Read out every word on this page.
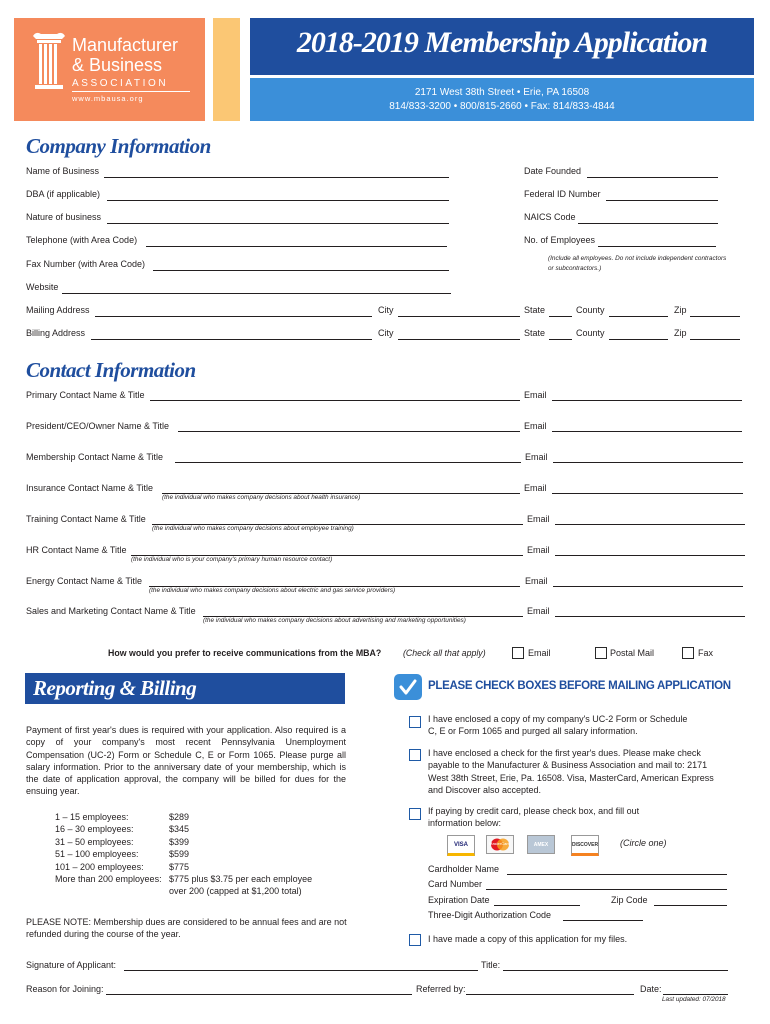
Manufacturer
& Business
ASSOCIATION
www.mbausa.org
2018-2019 Membership Application
2171 West 38th Street • Erie, PA 16508
814/833-3200 • 800/815-2660 • Fax: 814/833-4844
Company Information
Name of Business	Date Founded
DBA (if applicable)	Federal ID Number
Nature of business	NAICS Code
Telephone (with Area Code)	No. of Employees
(Include all employees. Do not include independent contractors or subcontractors.)
Fax Number (with Area Code)
Website
Mailing Address	City	State	County	Zip
Billing Address	City	State	County	Zip
Contact Information
Primary Contact Name & Title	Email
President/CEO/Owner Name & Title	Email
Membership Contact Name & Title	Email
Insurance Contact Name & Title	Email
(the individual who makes company decisions about health insurance)
Training Contact Name & Title	Email
(the individual who makes company decisions about employee training)
HR Contact Name & Title	Email
(the individual who is your company's primary human resource contact)
Energy Contact Name & Title	Email
(the individual who makes company decisions about electric and gas service providers)
Sales and Marketing Contact Name & Title	Email
(the individual who makes company decisions about advertising and marketing opportunities)
How would you prefer to receive communications from the MBA? (Check all that apply)	Email	Postal Mail	Fax
Reporting & Billing
Payment of first year's dues is required with your application. Also required is a copy of your company's most recent Pennsylvania Unemployment Compensation (UC-2) Form or Schedule C, E or Form 1065. Please purge all salary information. Prior to the anniversary date of your membership, which is the date of application approval, the company will be billed for dues for the ensuing year.
1 – 15 employees:	$289
16 – 30 employees:	$345
31 – 50 employees:	$399
51 – 100 employees:	$599
101 – 200 employees:	$775
More than 200 employees: $775 plus $3.75 per each employee
over 200 (capped at $1,200 total)
PLEASE NOTE: Membership dues are considered to be annual fees and are not refunded during the course of the year.
PLEASE CHECK BOXES BEFORE MAILING APPLICATION
I have enclosed a copy of my company's UC-2 Form or Schedule C, E or Form 1065 and purged all salary information.
I have enclosed a check for the first year's dues. Please make check payable to the Manufacturer & Business Association and mail to: 2171 West 38th Street, Erie, Pa. 16508. Visa, MasterCard, American Express and Discover also accepted.
If paying by credit card, please check box, and fill out information below:
VISA	MasterCard	AMEX	DISCOVER (Circle one)
Cardholder Name
Card Number
Expiration Date	Zip Code
Three-Digit Authorization Code
I have made a copy of this application for my files.
Signature of Applicant:	Title:
Reason for Joining:	Referred by:	Date:
Last updated: 07/2018
